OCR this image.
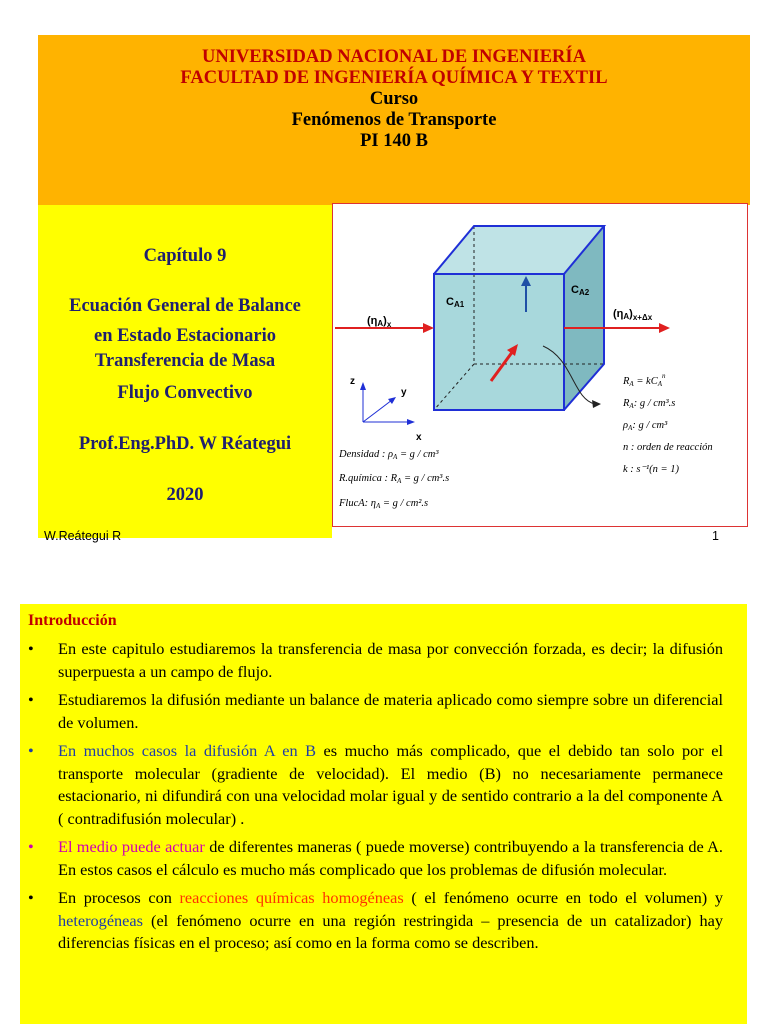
UNIVERSIDAD NACIONAL DE INGENIERÍA
FACULTAD DE INGENIERÍA QUÍMICA Y TEXTIL
Curso
Fenómenos de Transporte
PI 140 B
Capítulo 9
Ecuación General de Balance
en Estado Estacionario
Transferencia de Masa
Flujo Convectivo
Prof.Eng.PhD. W Réategui
2020
$(\eta A)_x$
$(\eta A)_{x+\Delta x}$
CA1
CA2
z
y
x
RA = kCA$^n$
RA: g / cm³.s
ρA: g / cm³
n : orden de reacción
k : s⁻¹(n = 1)
Densidad : ρA = g / cm³
R.química : RA = g / cm³.s
FlucA: ηA = g / cm².s
W.Reátegui R	1
Introducción
• En este capitulo estudiaremos la transferencia de masa por convección forzada, es decir; la difusión superpuesta a un campo de flujo.
• Estudiaremos la difusión mediante un balance de materia aplicado como siempre sobre un diferencial de volumen.
• En muchos casos la difusión A en B es mucho más complicado, que el debido tan solo por el transporte molecular (gradiente de velocidad). El medio (B) no necesariamente permanece estacionario, ni difundirá con una velocidad molar igual y de sentido contrario a la del componente A ( contradifusión molecular) .
• El medio puede actuar de diferentes maneras ( puede moverse) contribuyendo a la transferencia de A. En estos casos el cálculo es mucho más complicado que los problemas de difusión molecular.
• En procesos con reacciones químicas homogéneas ( el fenómeno ocurre en todo el volumen) y heterogéneas (el fenómeno ocurre en una región restringida – presencia de un catalizador) hay diferencias físicas en el proceso; así como en la forma como se describen.
